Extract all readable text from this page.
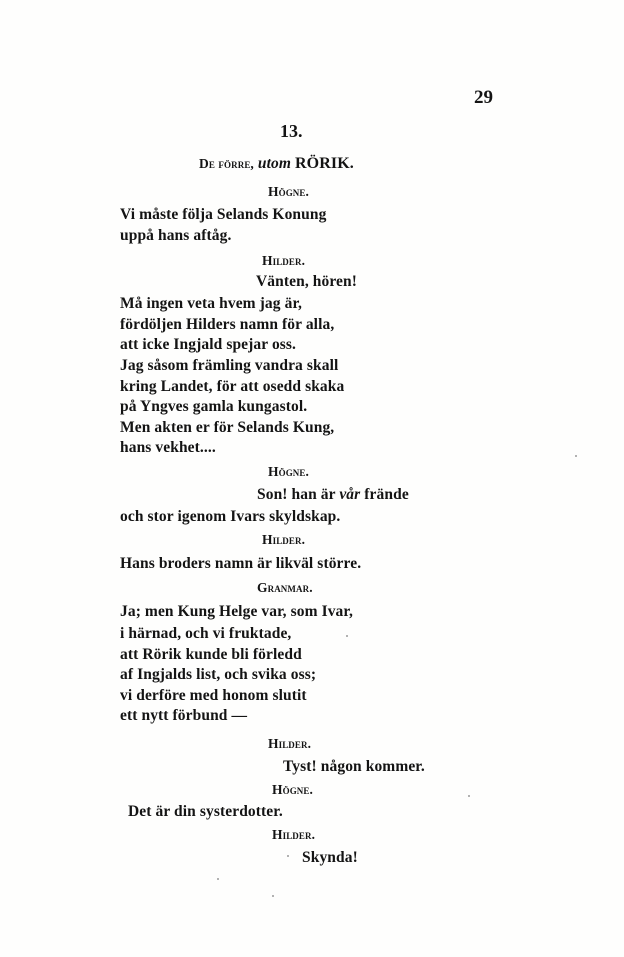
29
13.
De förre, utom RÖRIK.
Högne.
Vi måste följa Selands Konung
uppå hans aftåg.
Hilder.
Vänten, hören!
Må ingen veta hvem jag är,
fördöljen Hilders namn för alla,
att icke Ingjald spejar oss.
Jag såsom främling vandra skall
kring Landet, för att osedd skaka
på Yngves gamla kungastol.
Men akten er för Selands Kung,
hans vekhet....
Högne.
Son! han är vår frände
och stor igenom Ivars skyldskap.
Hilder.
Hans broders namn är likväl större.
Granmar.
Ja; men Kung Helge var, som Ivar,
i härnad, och vi fruktade,
att Rörik kunde bli förledd
af Ingjalds list, och svika oss;
vi derföre med honom slutit
ett nytt förbund —
Hilder.
Tyst! någon kommer.
Högne.
Det är din systerdotter.
Hilder.
Skynda!
